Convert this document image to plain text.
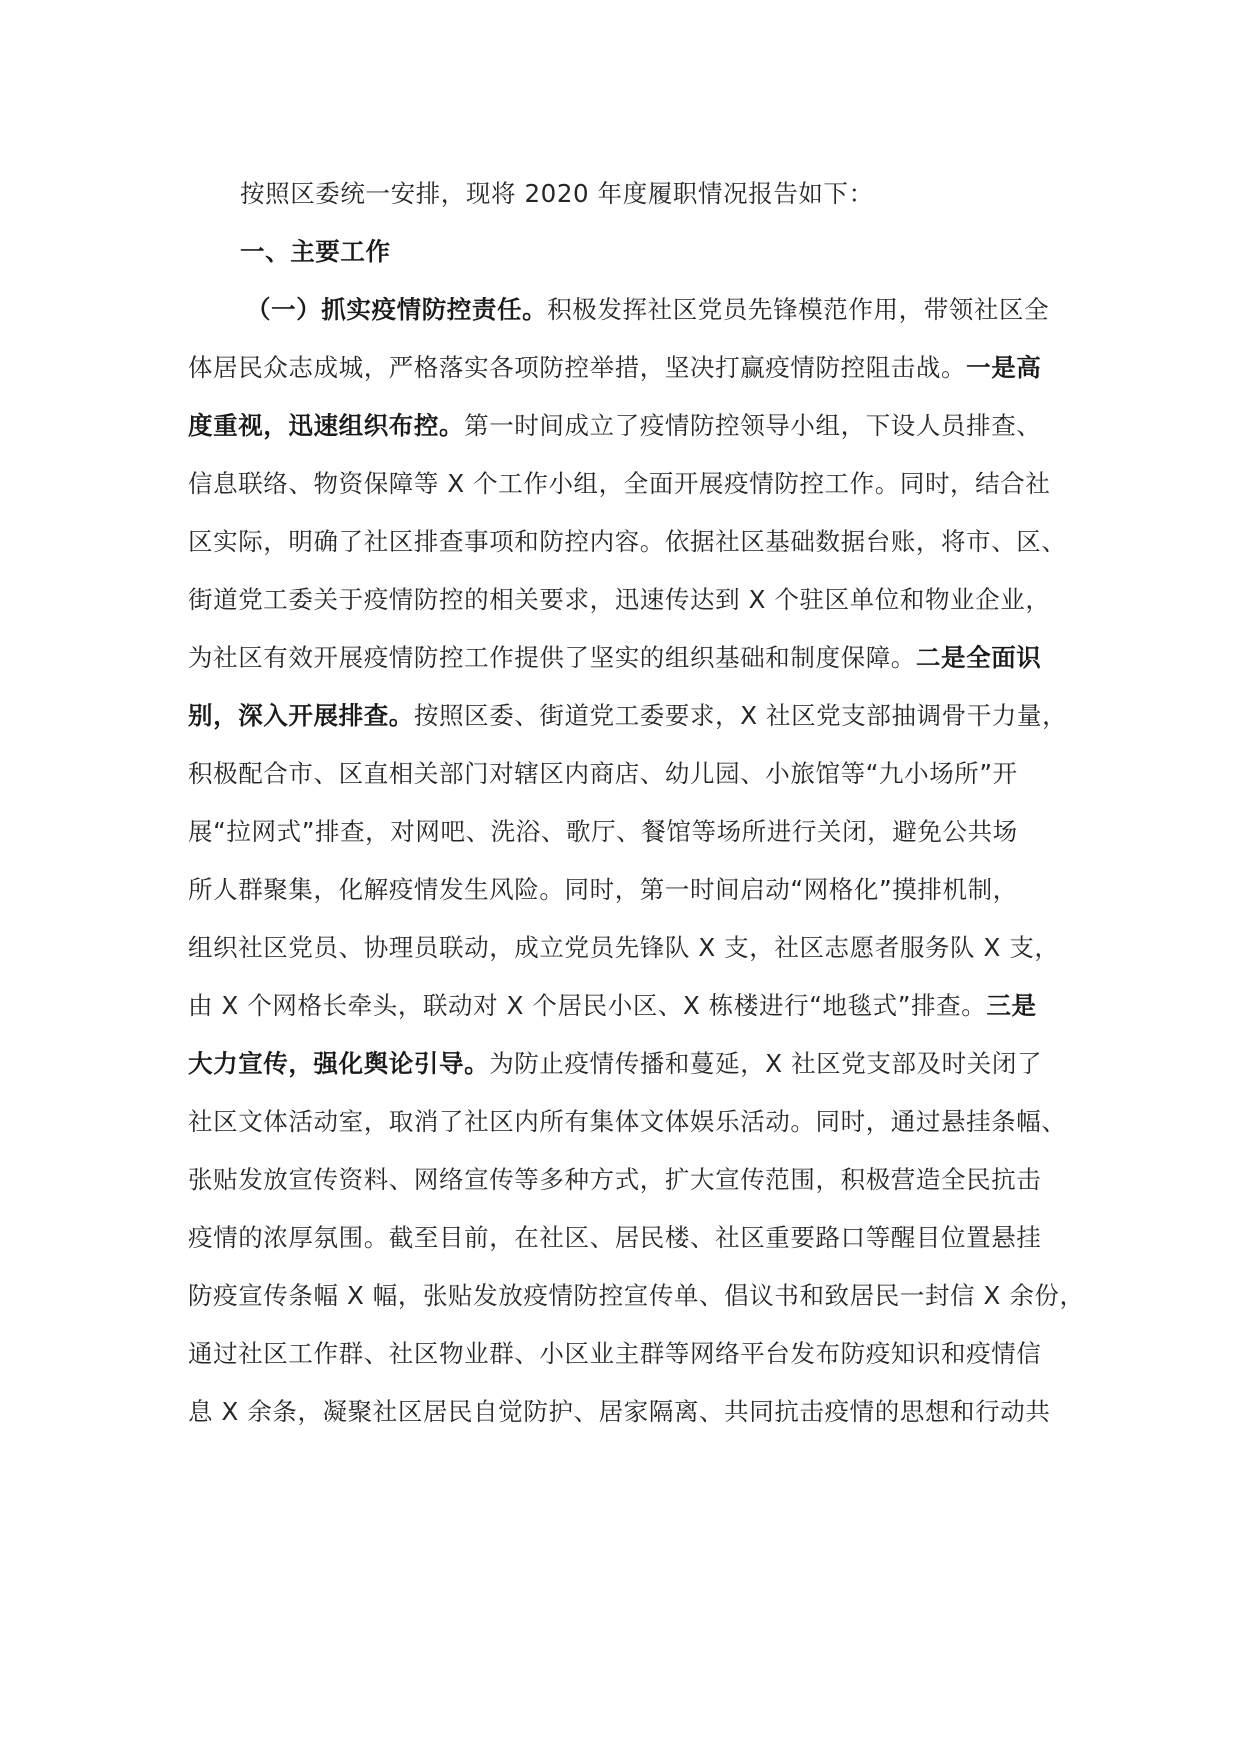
按照区委统一安排，现将 2020 年度履职情况报告如下：
一、主要工作
（一）抓实疫情防控责任。积极发挥社区党员先锋模范作用，带领社区全
体居民众志成城，严格落实各项防控举措，坚决打赢疫情防控阻击战。一是高
度重视，迅速组织布控。第一时间成立了疫情防控领导小组，下设人员排查、
信息联络、物资保障等 X 个工作小组，全面开展疫情防控工作。同时，结合社
区实际，明确了社区排查事项和防控内容。依据社区基础数据台账，将市、区、
街道党工委关于疫情防控的相关要求，迅速传达到 X 个驻区单位和物业企业，
为社区有效开展疫情防控工作提供了坚实的组织基础和制度保障。二是全面识
别，深入开展排查。按照区委、街道党工委要求，X 社区党支部抽调骨干力量，
积极配合市、区直相关部门对辖区内商店、幼儿园、小旅馆等“九小场所”开
展“拉网式”排查，对网吧、洗浴、歌厅、餐馆等场所进行关闭，避免公共场
所人群聚集，化解疫情发生风险。同时，第一时间启动“网格化”摸排机制，
组织社区党员、协理员联动，成立党员先锋队 X 支，社区志愿者服务队 X 支，
由 X 个网格长牵头，联动对 X 个居民小区、X 栋楼进行“地毯式”排查。三是
大力宣传，强化舆论引导。为防止疫情传播和蔓延，X 社区党支部及时关闭了
社区文体活动室，取消了社区内所有集体文体娱乐活动。同时，通过悬挂条幅、
张贴发放宣传资料、网络宣传等多种方式，扩大宣传范围，积极营造全民抗击
疫情的浓厚氛围。截至目前，在社区、居民楼、社区重要路口等醒目位置悬挂
防疫宣传条幅 X 幅，张贴发放疫情防控宣传单、倡议书和致居民一封信 X 余份，
通过社区工作群、社区物业群、小区业主群等网络平台发布防疫知识和疫情信
息 X 余条，凝聚社区居民自觉防护、居家隔离、共同抗击疫情的思想和行动共
